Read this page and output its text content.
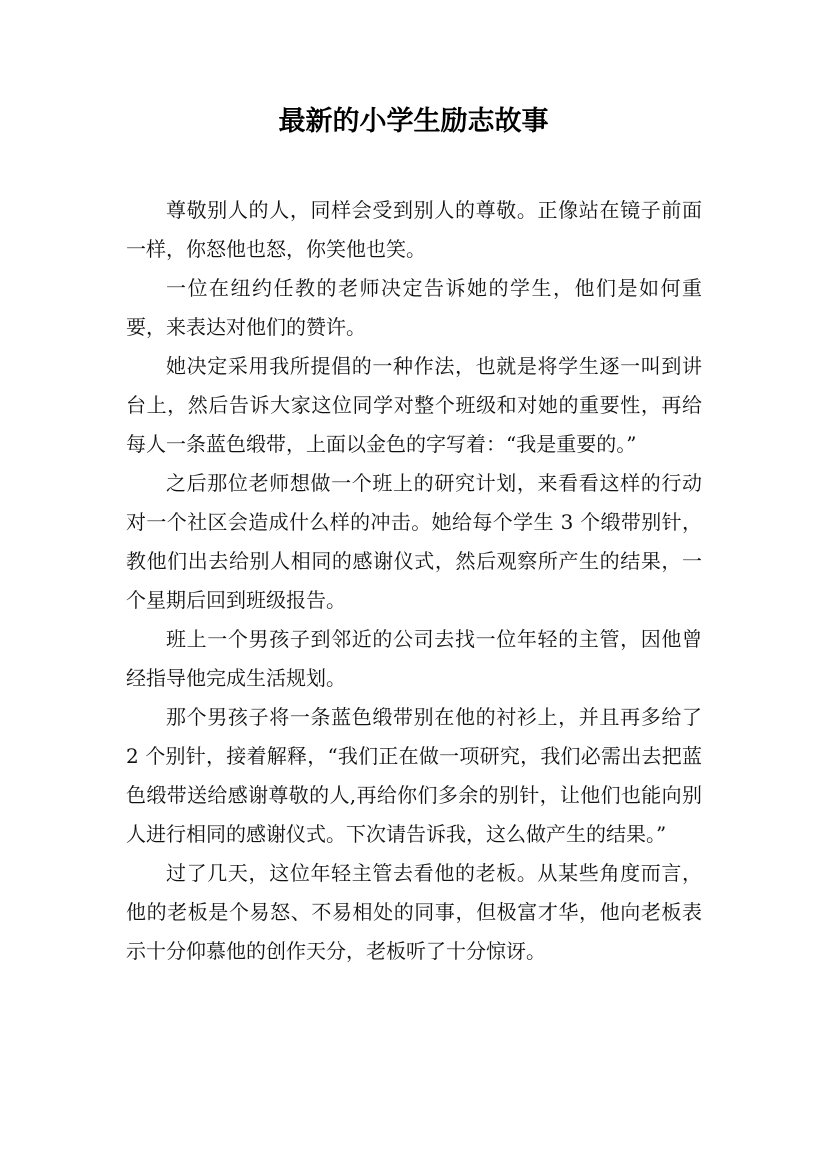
最新的小学生励志故事

尊敬别人的人，同样会受到别人的尊敬。正像站在镜子前面一样，你怒他也怒，你笑他也笑。

一位在纽约任教的老师决定告诉她的学生，他们是如何重要，来表达对他们的赞许。

她决定采用我所提倡的一种作法，也就是将学生逐一叫到讲台上，然后告诉大家这位同学对整个班级和对她的重要性，再给每人一条蓝色缎带，上面以金色的字写着：“我是重要的。”

之后那位老师想做一个班上的研究计划，来看看这样的行动对一个社区会造成什么样的冲击。她给每个学生 3 个缎带别针，教他们出去给别人相同的感谢仪式，然后观察所产生的结果，一个星期后回到班级报告。

班上一个男孩子到邻近的公司去找一位年轻的主管，因他曾经指导他完成生活规划。

那个男孩子将一条蓝色缎带别在他的衬衫上，并且再多给了 2 个别针，接着解释，“我们正在做一项研究，我们必需出去把蓝色缎带送给感谢尊敬的人,再给你们多余的别针，让他们也能向别人进行相同的感谢仪式。下次请告诉我，这么做产生的结果。”

过了几天，这位年轻主管去看他的老板。从某些角度而言，他的老板是个易怒、不易相处的同事，但极富才华，他向老板表示十分仰慕他的创作天分，老板听了十分惊讶。
